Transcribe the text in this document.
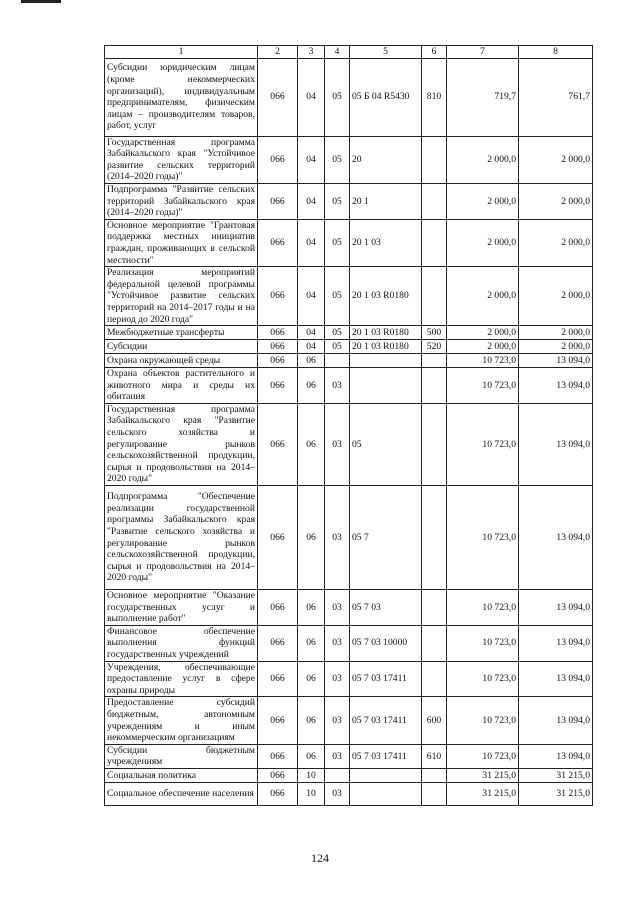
1	2	3	4	5	6	7	8
Субсидии юридическим лицам (кроме некоммерческих организаций), индивидуальным предпринимателям, физическим лицам – производителям товаров, работ, услуг	066	04	05	05 Б 04 R5430	810	719,7	761,7
Государственная программа Забайкальского края "Устойчивое развитие сельских территорий (2014–2020 годы)"	066	04	05	20		2 000,0	2 000,0
Подпрограмма "Развитие сельских территорий Забайкальского края (2014–2020 годы)"	066	04	05	20 1		2 000,0	2 000,0
Основное мероприятие "Грантовая поддержка местных инициатив граждан, проживающих в сельской местности"	066	04	05	20 1 03		2 000,0	2 000,0
Реализация мероприятий федеральной целевой программы "Устойчивое развитие сельских территорий на 2014–2017 годы и на период до 2020 года"	066	04	05	20 1 03 R0180		2 000,0	2 000,0
Межбюджетные трансферты	066	04	05	20 1 03 R0180	500	2 000,0	2 000,0
Субсидии	066	04	05	20 1 03 R0180	520	2 000,0	2 000,0
Охрана окружающей среды	066	06				10 723,0	13 094,0
Охрана объектов растительного и животного мира и среды их обитания	066	06	03			10 723,0	13 094,0
Государственная программа Забайкальского края "Развитие сельского хозяйства и регулирование рынков сельскохозяйственной продукции, сырья и продовольствия на 2014–2020 годы"	066	06	03	05		10 723,0	13 094,0
Подпрограмма "Обеспечение реализации государственной программы Забайкальского края "Развитие сельского хозяйства и регулирование рынков сельскохозяйственной продукции, сырья и продовольствия на 2014–2020 годы"	066	06	03	05 7		10 723,0	13 094,0
Основное мероприятие "Оказание государственных услуг и выполнение работ"	066	06	03	05 7 03		10 723,0	13 094,0
Финансовое обеспечение выполнения функций государственных учреждений	066	06	03	05 7 03 10000		10 723,0	13 094,0
Учреждения, обеспечивающие предоставление услуг в сфере охраны природы	066	06	03	05 7 03 17411		10 723,0	13 094,0
Предоставление субсидий бюджетным, автономным учреждениям и иным некоммерческим организациям	066	06	03	05 7 03 17411	600	10 723,0	13 094,0
Субсидии бюджетным учреждениям	066	06	03	05 7 03 17411	610	10 723,0	13 094,0
Социальная политика	066	10				31 215,0	31 215,0
Социальное обеспечение населения	066	10	03			31 215,0	31 215,0
124
